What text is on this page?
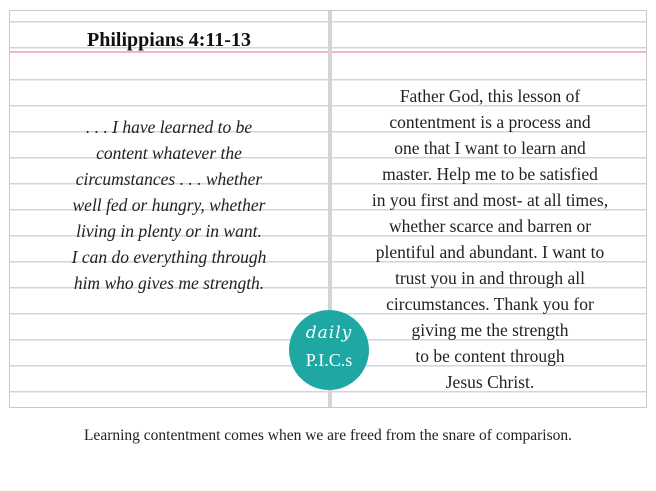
Philippians 4:11-13
. . . I have learned to be
content whatever the
circumstances . . . whether
well fed or hungry, whether
living in plenty or in want.
I can do everything through
him who gives me strength.
Father God, this lesson of
contentment is a process and
one that I want to learn and
master. Help me to be satisfied
in you first and most- at all times,
whether scarce and barren or
plentiful and abundant. I want to
trust you in and through all
circumstances. Thank you for
giving me the strength
to be content through
Jesus Christ.
daily
P.I.C.s
Learning contentment comes when we are freed from the snare of comparison.
